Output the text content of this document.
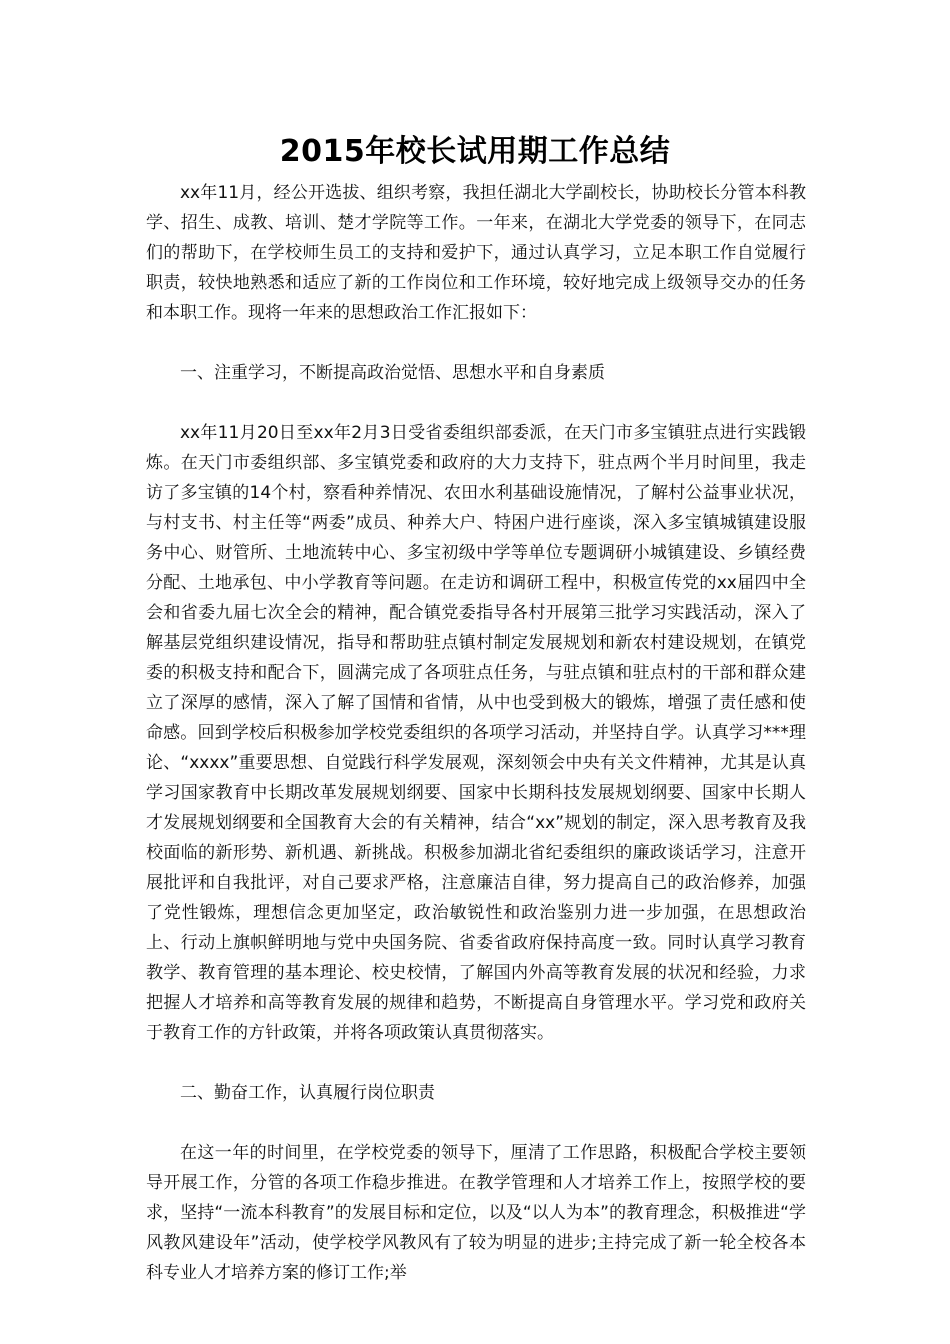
2015年校长试用期工作总结

xx年11月，经公开选拔、组织考察，我担任湖北大学副校长，协助校长分管本科教学、招生、成教、培训、楚才学院等工作。一年来，在湖北大学党委的领导下，在同志们的帮助下，在学校师生员工的支持和爱护下，通过认真学习，立足本职工作自觉履行职责，较快地熟悉和适应了新的工作岗位和工作环境，较好地完成上级领导交办的任务和本职工作。现将一年来的思想政治工作汇报如下：

一、注重学习，不断提高政治觉悟、思想水平和自身素质

xx年11月20日至xx年2月3日受省委组织部委派，在天门市多宝镇驻点进行实践锻炼。在天门市委组织部、多宝镇党委和政府的大力支持下，驻点两个半月时间里，我走访了多宝镇的14个村，察看种养情况、农田水利基础设施情况，了解村公益事业状况，与村支书、村主任等“两委”成员、种养大户、特困户进行座谈，深入多宝镇城镇建设服务中心、财管所、土地流转中心、多宝初级中学等单位专题调研小城镇建设、乡镇经费分配、土地承包、中小学教育等问题。在走访和调研工程中，积极宣传党的xx届四中全会和省委九届七次全会的精神，配合镇党委指导各村开展第三批学习实践活动，深入了解基层党组织建设情况，指导和帮助驻点镇村制定发展规划和新农村建设规划，在镇党委的积极支持和配合下，圆满完成了各项驻点任务，与驻点镇和驻点村的干部和群众建立了深厚的感情，深入了解了国情和省情，从中也受到极大的锻炼，增强了责任感和使命感。回到学校后积极参加学校党委组织的各项学习活动，并坚持自学。认真学习***理论、“xxxx”重要思想、自觉践行科学发展观，深刻领会中央有关文件精神，尤其是认真学习国家教育中长期改革发展规划纲要、国家中长期科技发展规划纲要、国家中长期人才发展规划纲要和全国教育大会的有关精神，结合“xx”规划的制定，深入思考教育及我校面临的新形势、新机遇、新挑战。积极参加湖北省纪委组织的廉政谈话学习，注意开展批评和自我批评，对自己要求严格，注意廉洁自律，努力提高自己的政治修养，加强了党性锻炼，理想信念更加坚定，政治敏锐性和政治鉴别力进一步加强，在思想政治上、行动上旗帜鲜明地与党中央国务院、省委省政府保持高度一致。同时认真学习教育教学、教育管理的基本理论、校史校情，了解国内外高等教育发展的状况和经验，力求把握人才培养和高等教育发展的规律和趋势，不断提高自身管理水平。学习党和政府关于教育工作的方针政策，并将各项政策认真贯彻落实。

二、勤奋工作，认真履行岗位职责

在这一年的时间里，在学校党委的领导下，厘清了工作思路，积极配合学校主要领导开展工作，分管的各项工作稳步推进。在教学管理和人才培养工作上，按照学校的要求，坚持“一流本科教育”的发展目标和定位，以及“以人为本”的教育理念，积极推进“学风教风建设年”活动，使学校学风教风有了较为明显的进步;主持完成了新一轮全校各本科专业人才培养方案的修订工作;举
